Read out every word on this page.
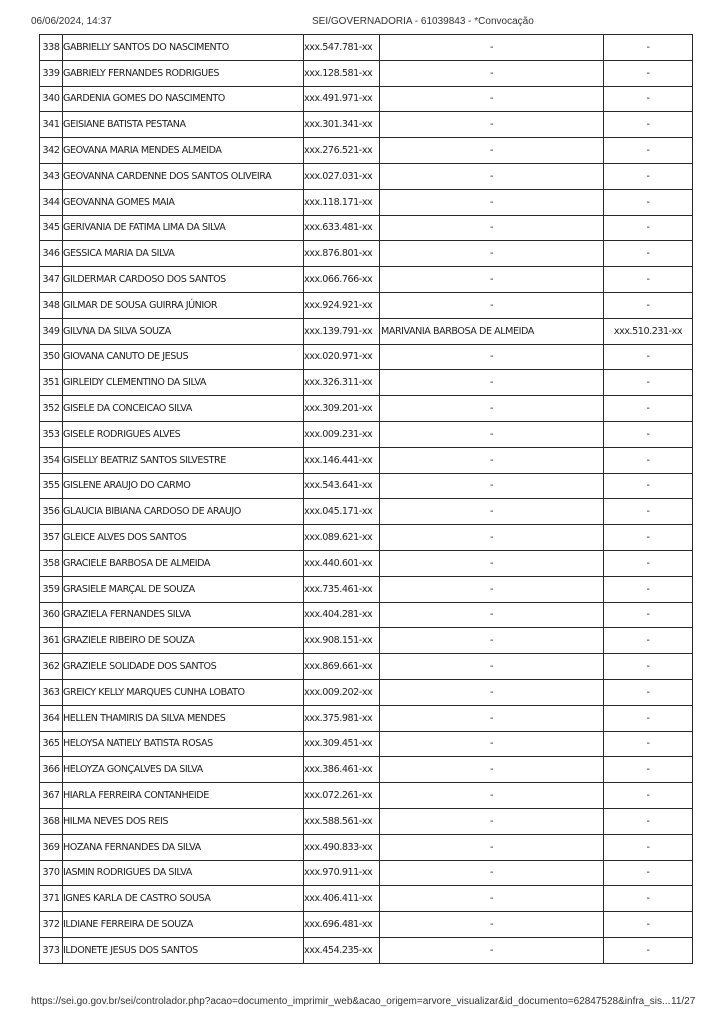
06/06/2024, 14:37	SEI/GOVERNADORIA - 61039843 - *Convocação
338	GABRIELLY SANTOS DO NASCIMENTO	xxx.547.781-xx	-	-
339	GABRIELY FERNANDES RODRIGUES	xxx.128.581-xx	-	-
340	GARDENIA GOMES DO NASCIMENTO	xxx.491.971-xx	-	-
341	GEISIANE BATISTA PESTANA	xxx.301.341-xx	-	-
342	GEOVANA MARIA MENDES ALMEIDA	xxx.276.521-xx	-	-
343	GEOVANNA CARDENNE DOS SANTOS OLIVEIRA	xxx.027.031-xx	-	-
344	GEOVANNA GOMES MAIA	xxx.118.171-xx	-	-
345	GERIVANIA DE FATIMA LIMA DA SILVA	xxx.633.481-xx	-	-
346	GESSICA MARIA DA SILVA	xxx.876.801-xx	-	-
347	GILDERMAR CARDOSO DOS SANTOS	xxx.066.766-xx	-	-
348	GILMAR DE SOUSA GUIRRA JÚNIOR	xxx.924.921-xx	-	-
349	GILVNA DA SILVA SOUZA	xxx.139.791-xx	MARIVANIA BARBOSA DE ALMEIDA	xxx.510.231-xx
350	GIOVANA CANUTO DE JESUS	xxx.020.971-xx	-	-
351	GIRLEIDY CLEMENTINO DA SILVA	xxx.326.311-xx	-	-
352	GISELE DA CONCEICAO SILVA	xxx.309.201-xx	-	-
353	GISELE RODRIGUES ALVES	xxx.009.231-xx	-	-
354	GISELLY BEATRIZ SANTOS SILVESTRE	xxx.146.441-xx	-	-
355	GISLENE ARAUJO DO CARMO	xxx.543.641-xx	-	-
356	GLAUCIA BIBIANA CARDOSO DE ARAUJO	xxx.045.171-xx	-	-
357	GLEICE ALVES DOS SANTOS	xxx.089.621-xx	-	-
358	GRACIELE BARBOSA DE ALMEIDA	xxx.440.601-xx	-	-
359	GRASIELE MARÇAL DE SOUZA	xxx.735.461-xx	-	-
360	GRAZIELA FERNANDES SILVA	xxx.404.281-xx	-	-
361	GRAZIELE RIBEIRO DE SOUZA	xxx.908.151-xx	-	-
362	GRAZIELE SOLIDADE DOS SANTOS	xxx.869.661-xx	-	-
363	GREICY KELLY MARQUES CUNHA LOBATO	xxx.009.202-xx	-	-
364	HELLEN THAMIRIS DA SILVA MENDES	xxx.375.981-xx	-	-
365	HELOYSA NATIELY BATISTA ROSAS	xxx.309.451-xx	-	-
366	HELOYZA GONÇALVES DA SILVA	xxx.386.461-xx	-	-
367	HIARLA FERREIRA CONTANHEIDE	xxx.072.261-xx	-	-
368	HILMA NEVES DOS REIS	xxx.588.561-xx	-	-
369	HOZANA FERNANDES DA SILVA	xxx.490.833-xx	-	-
370	IASMIN RODRIGUES DA SILVA	xxx.970.911-xx	-	-
371	IGNES KARLA DE CASTRO SOUSA	xxx.406.411-xx	-	-
372	ILDIANE FERREIRA DE SOUZA	xxx.696.481-xx	-	-
373	ILDONETE JESUS DOS SANTOS	xxx.454.235-xx	-	-
https://sei.go.gov.br/sei/controlador.php?acao=documento_imprimir_web&acao_origem=arvore_visualizar&id_documento=62847528&infra_sis... 11/27
